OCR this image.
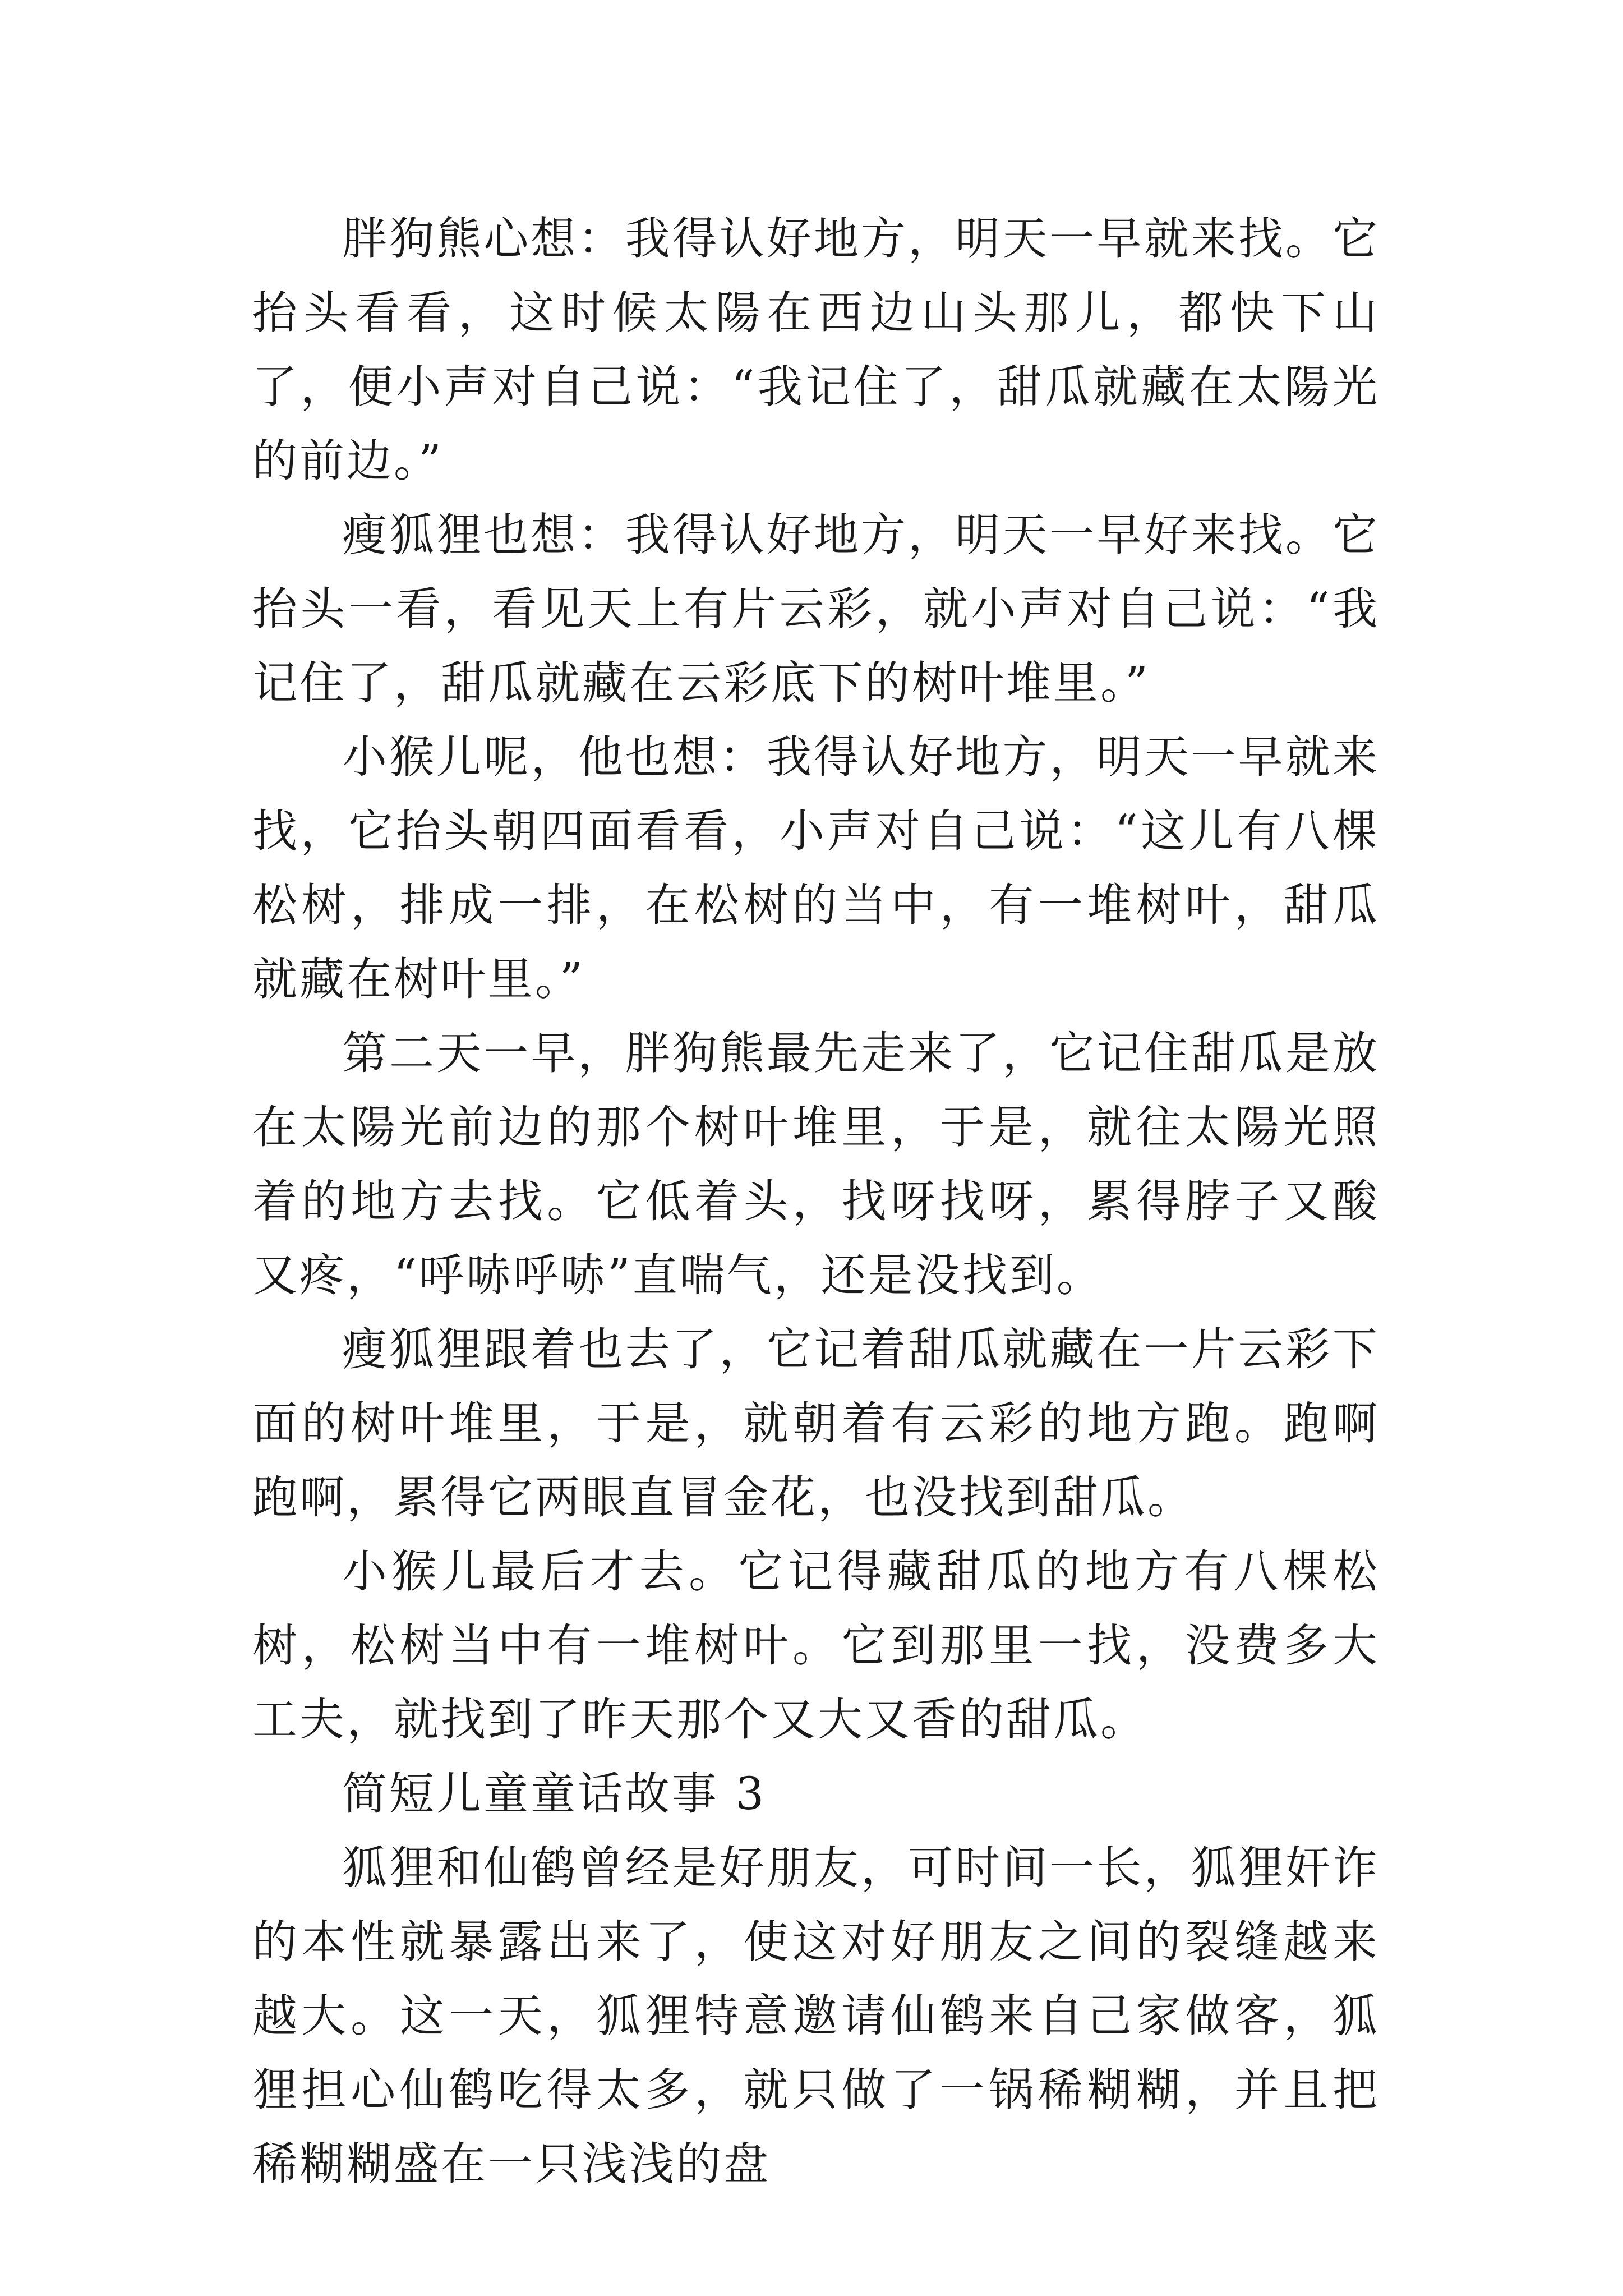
胖狗熊心想：我得认好地方，明天一早就来找。它抬头看看，这时候太陽在西边山头那儿，都快下山了，便小声对自己说：“我记住了，甜瓜就藏在太陽光的前边。”

瘦狐狸也想：我得认好地方，明天一早好来找。它抬头一看，看见天上有片云彩，就小声对自己说：“我记住了，甜瓜就藏在云彩底下的树叶堆里。”

小猴儿呢，他也想：我得认好地方，明天一早就来找，它抬头朝四面看看，小声对自己说：“这儿有八棵松树，排成一排，在松树的当中，有一堆树叶，甜瓜就藏在树叶里。”

第二天一早，胖狗熊最先走来了，它记住甜瓜是放在太陽光前边的那个树叶堆里，于是，就往太陽光照着的地方去找。它低着头，找呀找呀，累得脖子又酸又疼，“呼哧呼哧”直喘气，还是没找到。

瘦狐狸跟着也去了，它记着甜瓜就藏在一片云彩下面的树叶堆里，于是，就朝着有云彩的地方跑。跑啊跑啊，累得它两眼直冒金花，也没找到甜瓜。

小猴儿最后才去。它记得藏甜瓜的地方有八棵松树，松树当中有一堆树叶。它到那里一找，没费多大工夫，就找到了昨天那个又大又香的甜瓜。

简短儿童童话故事 3

狐狸和仙鹤曾经是好朋友，可时间一长，狐狸奸诈的本性就暴露出来了，使这对好朋友之间的裂缝越来越大。这一天，狐狸特意邀请仙鹤来自己家做客，狐狸担心仙鹤吃得太多，就只做了一锅稀糊糊，并且把稀糊糊盛在一只浅浅的盘
